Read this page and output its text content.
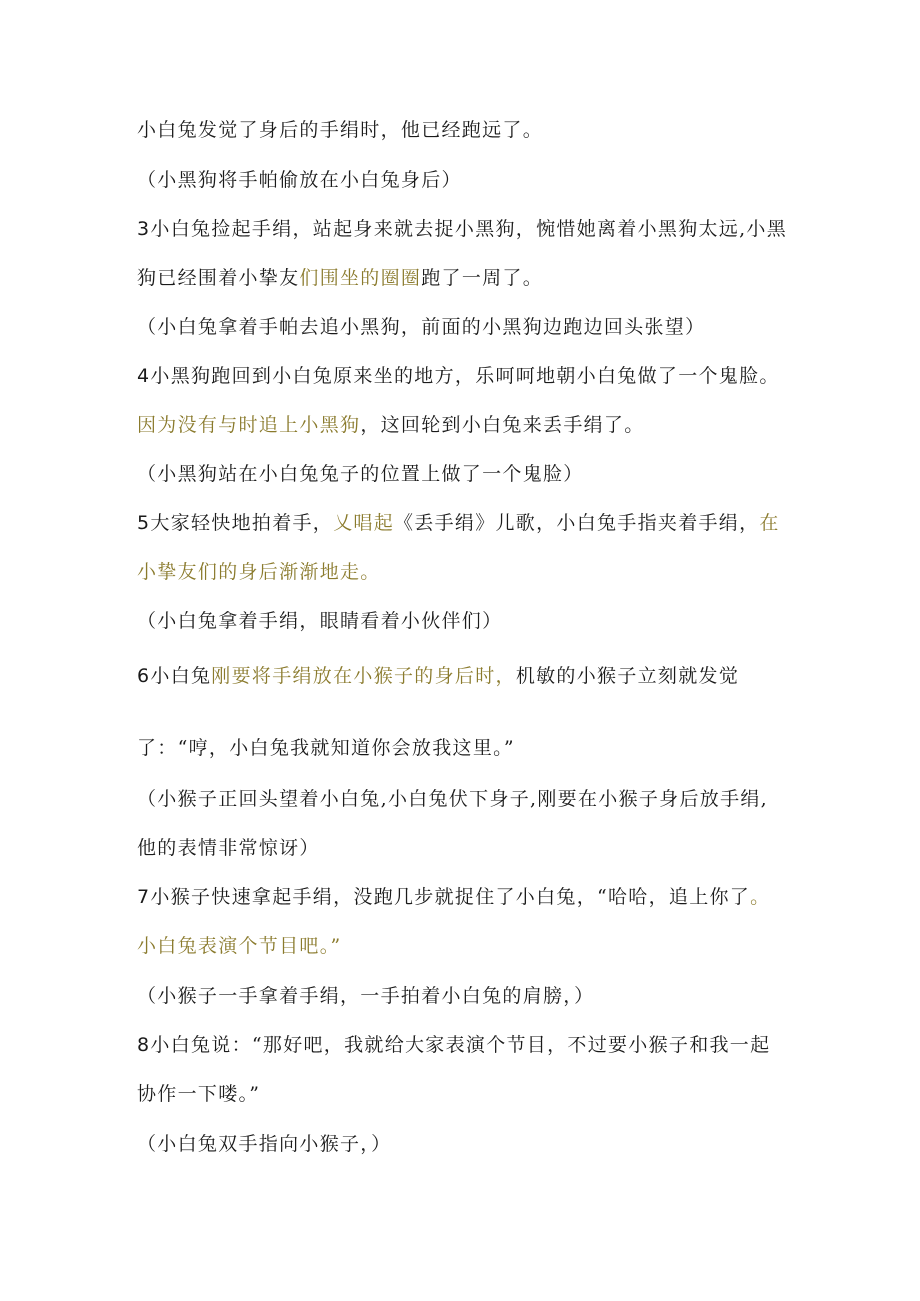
小白兔发觉了身后的手绢时，他已经跑远了。
（小黑狗将手帕偷放在小白兔身后）
3小白兔捡起手绢，站起身来就去捉小黑狗，惋惜她离着小黑狗太远,小黑
狗已经围着小挚友们围坐的圈圈跑了一周了。
（小白兔拿着手帕去追小黑狗，前面的小黑狗边跑边回头张望）
4小黑狗跑回到小白兔原来坐的地方，乐呵呵地朝小白兔做了一个鬼脸。
因为没有与时追上小黑狗，这回轮到小白兔来丢手绢了。
（小黑狗站在小白兔兔子的位置上做了一个鬼脸）
5大家轻快地拍着手，乂唱起《丢手绢》儿歌，小白兔手指夹着手绢，在
小挚友们的身后渐渐地走。
（小白兔拿着手绢，眼睛看着小伙伴们）
6小白兔刚要将手绢放在小猴子的身后时，机敏的小猴子立刻就发觉
了：“哼，小白兔我就知道你会放我这里。”
（小猴子正回头望着小白兔,小白兔伏下身子,刚要在小猴子身后放手绢,
他的表情非常惊讶）
7小猴子快速拿起手绢，没跑几步就捉住了小白兔，“哈哈，追上你了。
小白兔表演个节目吧。”
（小猴子一手拿着手绢，一手拍着小白兔的肩膀，）
8小白兔说：“那好吧，我就给大家表演个节目，不过要小猴子和我一起
协作一下喽。”
（小白兔双手指向小猴子，）
